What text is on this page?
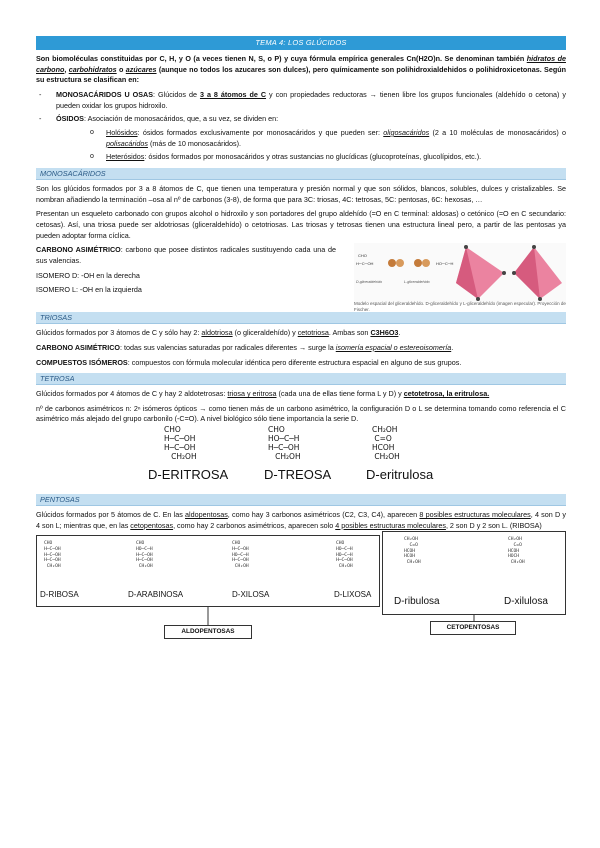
TEMA 4: LOS GLÚCIDOS

Son biomoléculas constituidas por C, H, y O (a veces tienen N, S, o P) y cuya fórmula empírica generales Cn(H2O)n. Se denominan también hidratos de carbono, carbohidratos o azúcares (aunque no todos los azucares son dulces), pero químicamente son polihidroxialdehidos o polihidroxicetonas. Según su estructura se clasifican en:

- MONOSACÁRIDOS U OSAS: Glúcidos de 3 a 8 átomos de C y con propiedades reductoras → tienen libre los grupos funcionales (aldehído o cetona) y pueden oxidar los grupos hidroxilo.
- ÓSIDOS: Asociación de monosacáridos, que, a su vez, se dividen en:
o Holósidos: ósidos formados exclusivamente por monosacáridos y que pueden ser: oligosacáridos (2 a 10 moléculas de monosacáridos) o polisacáridos (más de 10 monosacáridos).
o Heterósidos: ósidos formados por monosacáridos y otras sustancias no glucídicas (glucoproteínas, glucolípidos, etc.).
MONOSACÁRIDOS

Son los glúcidos formados por 3 a 8 átomos de C, que tienen una temperatura y presión normal y que son sólidos, blancos, solubles, dulces y cristalizables. Se nombran añadiendo la terminación –osa al nº de carbonos (3-8), de forma que para 3C: triosas, 4C: tetrosas, 5C: pentosas, 6C: hexosas, …

Presentan un esqueleto carbonado con grupos alcohol o hidroxilo y son portadores del grupo aldehído (=O en C terminal: aldosas) o cetónico (=O en C secundario: cetosas). Así, una triosa puede ser aldotriosas (gliceraldehído) o cetotriosas. Las triosas y tetrosas tienen una estructura lineal pero, a partir de las pentosas ya pueden adoptar forma cíclica.

CARBONO ASIMÉTRICO: carbono que posee distintos radicales sustituyendo cada una de sus valencias.

ISOMERO D: -OH en la derecha

ISOMERO L: -OH en la izquierda

CHO
H─C─OH	HO─C─H
D-gliceraldehído	L-gliceraldehído
Modelo espacial del gliceraldehído. D-gliceraldehído y L-gliceraldehído (imagen especular). Proyección de Fischer.
TRIOSAS

Glúcidos formados por 3 átomos de C y sólo hay 2: aldotriosa (o gliceraldehído) y cetotriosa. Ambas son C3H6O3.

CARBONO ASIMÉTRICO: todas sus valencias saturadas por radicales diferentes → surge la isomería espacial o estereoisomería.

COMPUESTOS ISÓMEROS: compuestos con fórmula molecular idéntica pero diferente estructura espacial en alguno de sus grupos.

TETROSA

Glúcidos formados por 4 átomos de C y hay 2 aldotetrosas: triosa y eritrosa (cada una de ellas tiene forma L y D) y cetotetrosa, la eritrulosa.

nº de carbonos asimétricos n: 2ⁿ isómeros ópticos → como tienen más de un carbono asimétrico, la configuración D o L se determina tomando como referencia el C asimétrico más alejado del grupo carbonilo (-C=O). A nivel biológico sólo tiene importancia la serie D.

CHO
H─C─OH
H─C─OH
CH₂OH
CHO
HO─C─H
H─C─OH
CH₂OH
CH₂OH
C=O
HCOH
CH₂OH
D-ERITROSA	D-TREOSA	D-eritrulosa
PENTOSAS

Glúcidos formados por 5 átomos de C. En las aldopentosas, como hay 3 carbonos asimétricos (C2, C3, C4), aparecen 8 posibles estructuras moleculares, 4 son D y 4 son L; mientras que, en las cetopentosas, como hay 2 carbonos asimétricos, aparecen solo 4 posibles estructuras moleculares, 2 son D y 2 son L. (RIBOSA)

CHO
H─C─OH
H─C─OH
H─C─OH
CH₂OH
CHO
HO─C─H
H─C─OH
H─C─OH
CH₂OH
CHO
H─C─OH
HO─C─H
H─C─OH
CH₂OH
CHO
HO─C─H
HO─C─H
H─C─OH
CH₂OH
CH₂OH
C=O
HCOH
HCOH
CH₂OH
CH₂OH
C=O
HCOH
HOCH
CH₂OH
D-RIBOSA	D-ARABINOSA	D-XILOSA	D-LIXOSA
D-ribulosa	D-xilulosa
ALDOPENTOSAS
CETOPENTOSAS
